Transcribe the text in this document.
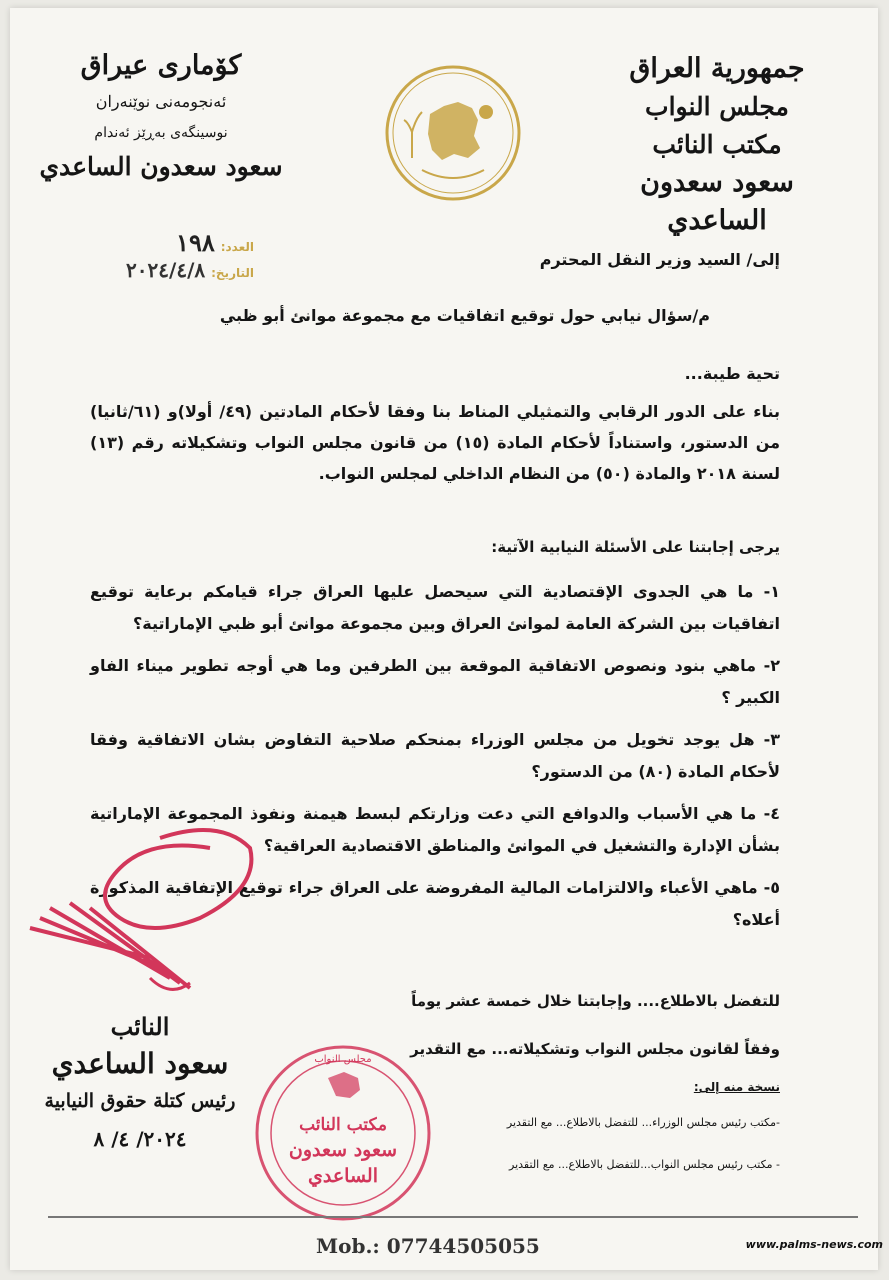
جمهورية العراق
مجلس النواب
مكتب النائب
سعود سعدون الساعدي
كۆماری عیراق
ئەنجومەنی نوێنەران
نوسینگەی بەڕێز ئەندام
سعود سعدون الساعدي
العدد:
١٩٨
التاريخ:
٢٠٢٤/٤/٨	إلى/ السيد وزير النقل المحترم
م/سؤال نيابي حول توقيع اتفاقيات مع مجموعة موانئ أبو ظبي
تحية طيبة...
بناء على الدور الرقابي والتمثيلي المناط بنا وفقا لأحكام المادتين (٤٩/ أولا)و (٦١/ثانيا) من الدستور، واستناداً لأحكام المادة (١٥) من قانون مجلس النواب وتشكيلاته رقم (١٣) لسنة ٢٠١٨ والمادة (٥٠) من النظام الداخلي لمجلس النواب.
يرجى إجابتنا على الأسئلة النيابية الآتية:
١- ما هي الجدوى الإقتصادية التي سيحصل عليها العراق جراء قيامكم برعاية توقيع اتفاقيات بين الشركة العامة لموانئ العراق وبين مجموعة موانئ أبو ظبي الإماراتية؟
٢- ماهي بنود ونصوص الاتفاقية الموقعة بين الطرفين وما هي أوجه تطوير ميناء الفاو الكبير ؟
٣- هل يوجد تخويل من مجلس الوزراء بمنحكم صلاحية التفاوض بشان الاتفاقية وفقا لأحكام المادة (٨٠) من الدستور؟
٤- ما هي الأسباب والدوافع التي دعت وزارتكم لبسط هيمنة ونفوذ المجموعة الإماراتية بشأن الإدارة والتشغيل في الموانئ والمناطق الاقتصادية العراقية؟
٥- ماهي الأعباء والالتزامات المالية المفروضة على العراق جراء توقيع الإتفاقية المذكورة أعلاه؟
للتفضل بالاطلاع.... وإجابتنا خلال خمسة عشر يوماً
وفقاً لقانون مجلس النواب وتشكيلاته... مع التقدير
نسخة منه إلى:
-مكتب رئيس مجلس الوزراء... للتفضل بالاطلاع... مع التقدير
- مكتب رئيس مجلس النواب...للتفضل بالاطلاع... مع التقدير
النائب
سعود الساعدي
رئيس كتلة حقوق النيابية
٢٠٢٤/ ٤/ ٨
مجلس النواب
مكتب النائب
سعود سعدون
الساعدي
Mob.: 07744505055	www.palms-news.com
